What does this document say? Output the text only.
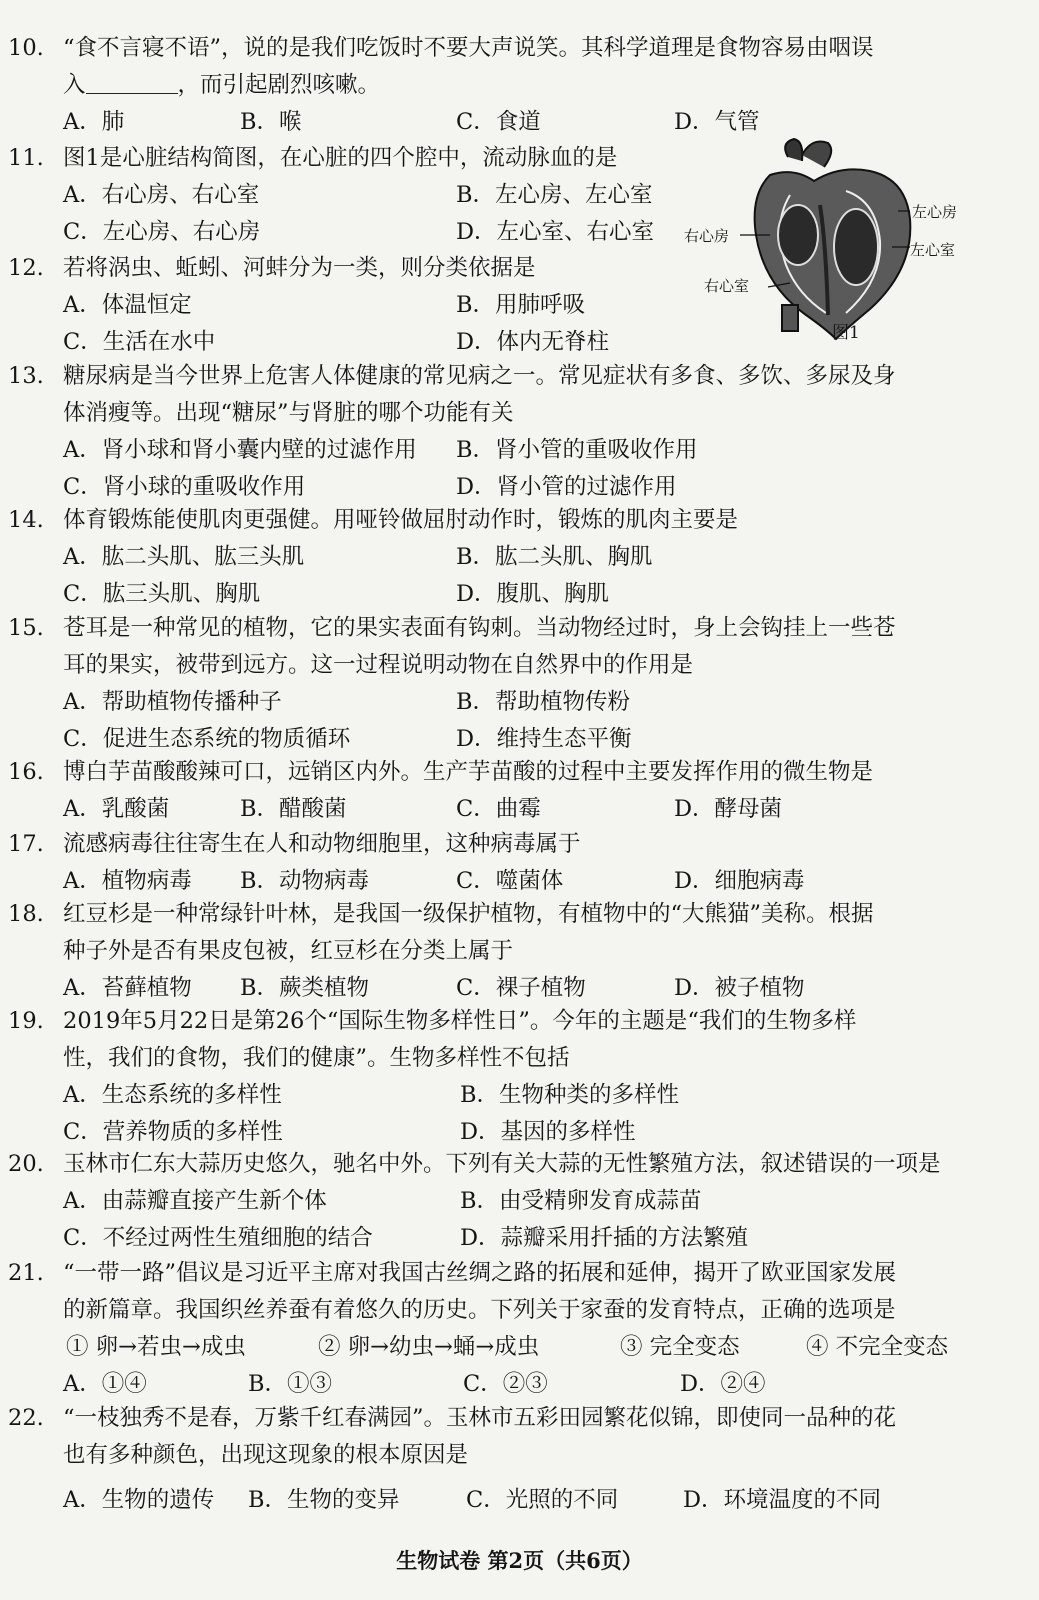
10. “食不言寝不语”，说的是我们吃饭时不要大声说笑。其科学道理是食物容易由咽误
入	，而引起剧烈咳嗽。
A．肺	B．喉	C．食道	D．气管
11. 图1是心脏结构简图，在心脏的四个腔中，流动脉血的是
A．右心房、右心室	B．左心房、左心室
C．左心房、右心房	D．左心室、右心室
12. 若将涡虫、蚯蚓、河蚌分为一类，则分类依据是
A．体温恒定	B．用肺呼吸
C．生活在水中	D．体内无脊柱
13. 糖尿病是当今世界上危害人体健康的常见病之一。常见症状有多食、多饮、多尿及身
体消瘦等。出现“糖尿”与肾脏的哪个功能有关
A．肾小球和肾小囊内壁的过滤作用 B．肾小管的重吸收作用
C．肾小球的重吸收作用	D．肾小管的过滤作用
14. 体育锻炼能使肌肉更强健。用哑铃做屈肘动作时，锻炼的肌肉主要是
A．肱二头肌、肱三头肌	B．肱二头肌、胸肌
C．肱三头肌、胸肌	D．腹肌、胸肌
15. 苍耳是一种常见的植物，它的果实表面有钩刺。当动物经过时，身上会钩挂上一些苍
耳的果实，被带到远方。这一过程说明动物在自然界中的作用是
A．帮助植物传播种子	B．帮助植物传粉
C．促进生态系统的物质循环	D．维持生态平衡
16. 博白芋苗酸酸辣可口，远销区内外。生产芋苗酸的过程中主要发挥作用的微生物是
A．乳酸菌	B．醋酸菌	C．曲霉	D．酵母菌
17. 流感病毒往往寄生在人和动物细胞里，这种病毒属于
A．植物病毒 B．动物病毒	C．噬菌体	D．细胞病毒
18. 红豆杉是一种常绿针叶林，是我国一级保护植物，有植物中的“大熊猫”美称。根据
种子外是否有果皮包被，红豆杉在分类上属于
A．苔藓植物 B．蕨类植物	C．裸子植物	D．被子植物
19. 2019年5月22日是第26个“国际生物多样性日”。今年的主题是“我们的生物多样
性，我们的食物，我们的健康”。生物多样性不包括
A．生态系统的多样性	B．生物种类的多样性
C．营养物质的多样性	D．基因的多样性
20. 玉林市仁东大蒜历史悠久，驰名中外。下列有关大蒜的无性繁殖方法，叙述错误的一项是
A．由蒜瓣直接产生新个体	B．由受精卵发育成蒜苗
C．不经过两性生殖细胞的结合	D．蒜瓣采用扦插的方法繁殖
21. “一带一路”倡议是习近平主席对我国古丝绸之路的拓展和延伸，揭开了欧亚国家发展
的新篇章。我国织丝养蚕有着悠久的历史。下列关于家蚕的发育特点，正确的选项是
① 卵→若虫→成虫	② 卵→幼虫→蛹→成虫	③ 完全变态	④ 不完全变态
A．①④	B．①③	C．②③	D．②④
22. “一枝独秀不是春，万紫千红春满园”。玉林市五彩田园繁花似锦，即使同一品种的花
也有多种颜色，出现这现象的根本原因是
A．生物的遗传 B．生物的变异	C．光照的不同	D．环境温度的不同
左心房
左心室
右心房
右心室
图1
生物试卷 第2页（共6页）
